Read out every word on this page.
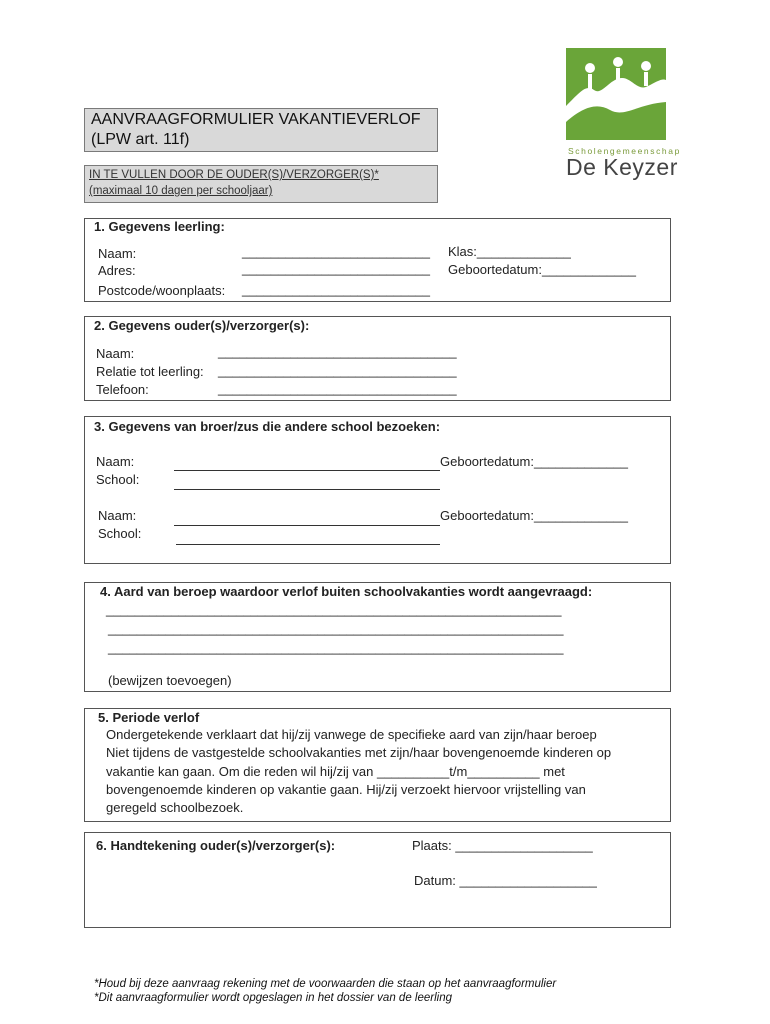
AANVRAAGFORMULIER VAKANTIEVERLOF
(LPW art. 11f)
IN TE VULLEN DOOR DE OUDER(S)/VERZORGER(S)*
(maximaal 10 dagen per schooljaar)
Scholengemeenschap
De Keyzer
1. Gegevens leerling:
Naam:
Adres:
Postcode/woonplaats:
__________________________
__________________________
__________________________
Klas:_____________
Geboortedatum:_____________
2. Gegevens ouder(s)/verzorger(s):
Naam:
Relatie tot leerling:
Telefoon:
_________________________________
_________________________________
_________________________________
3. Gegevens van broer/zus die andere school bezoeken:
Naam:
School:
Geboortedatum:_____________
Naam:
School:
Geboortedatum:_____________
4. Aard van beroep waardoor verlof buiten schoolvakanties wordt aangevraagd:
_______________________________________________________________
_______________________________________________________________
_______________________________________________________________
(bewijzen toevoegen)
5. Periode verlof
Ondergetekende verklaart dat hij/zij vanwege de specifieke aard van zijn/haar beroep
Niet tijdens de vastgestelde schoolvakanties met zijn/haar bovengenoemde kinderen op
vakantie kan gaan. Om die reden wil hij/zij van __________t/m__________ met
bovengenoemde kinderen op vakantie gaan. Hij/zij verzoekt hiervoor vrijstelling van
geregeld schoolbezoek.
6. Handtekening ouder(s)/verzorger(s):	Plaats: ___________________
Datum: ___________________
*Houd bij deze aanvraag rekening met de voorwaarden die staan op het aanvraagformulier
*Dit aanvraagformulier wordt opgeslagen in het dossier van de leerling
